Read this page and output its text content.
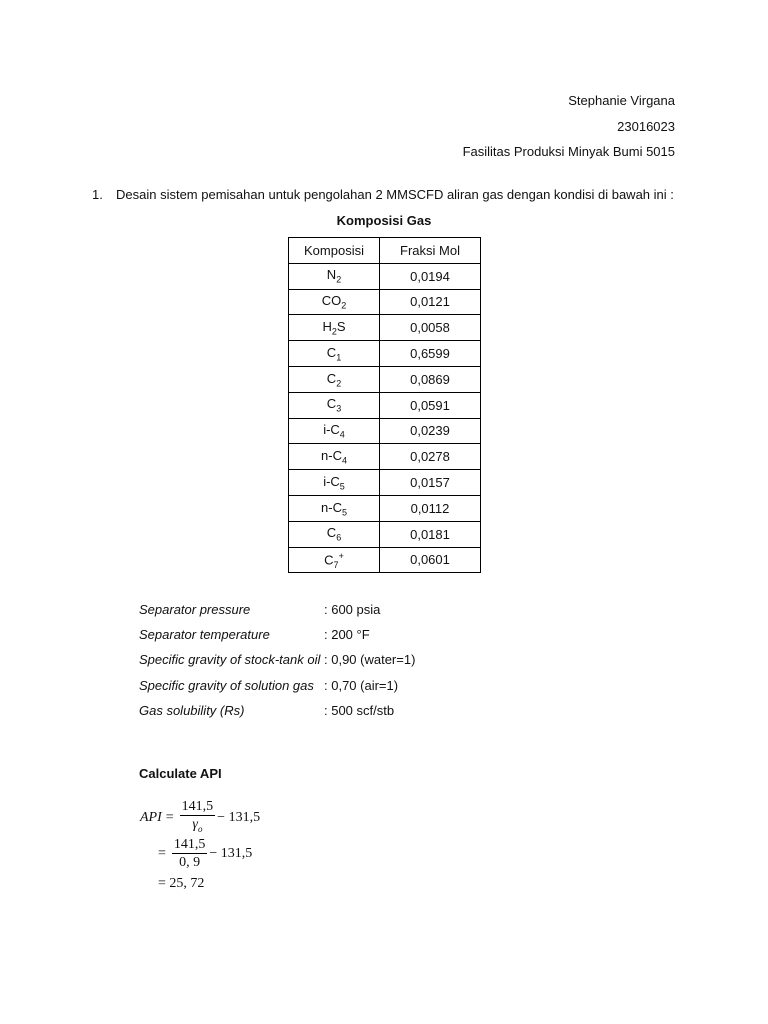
Stephanie Virgana
23016023
Fasilitas Produksi Minyak Bumi 5015
1.	Desain sistem pemisahan untuk pengolahan 2 MMSCFD aliran gas dengan kondisi di bawah ini :
Komposisi Gas
Komposisi	Fraksi Mol
$N_2$	0,0194
$CO_2$	0,0121
$H_2S$	0,0058
$C_1$	0,6599
$C_2$	0,0869
$C_3$	0,0591
$i-C_4$	0,0239
$n-C_4$	0,0278
$i-C_5$	0,0157
$n-C_5$	0,0112
$C_6$	0,0181
$C_7^+$	0,0601
Separator pressure	: 600 psia
Separator temperature	: 200 °F
Specific gravity of stock-tank oil : 0,90 (water=1)
Specific gravity of solution gas : 0,70 (air=1)
Gas solubility (Rs)	: 500 scf/stb
Calculate API
API = $\frac{141,5}{\gamma_o} - 131,5$
= $\frac{141,5}{0, 9} - 131,5$
= 25, 72
